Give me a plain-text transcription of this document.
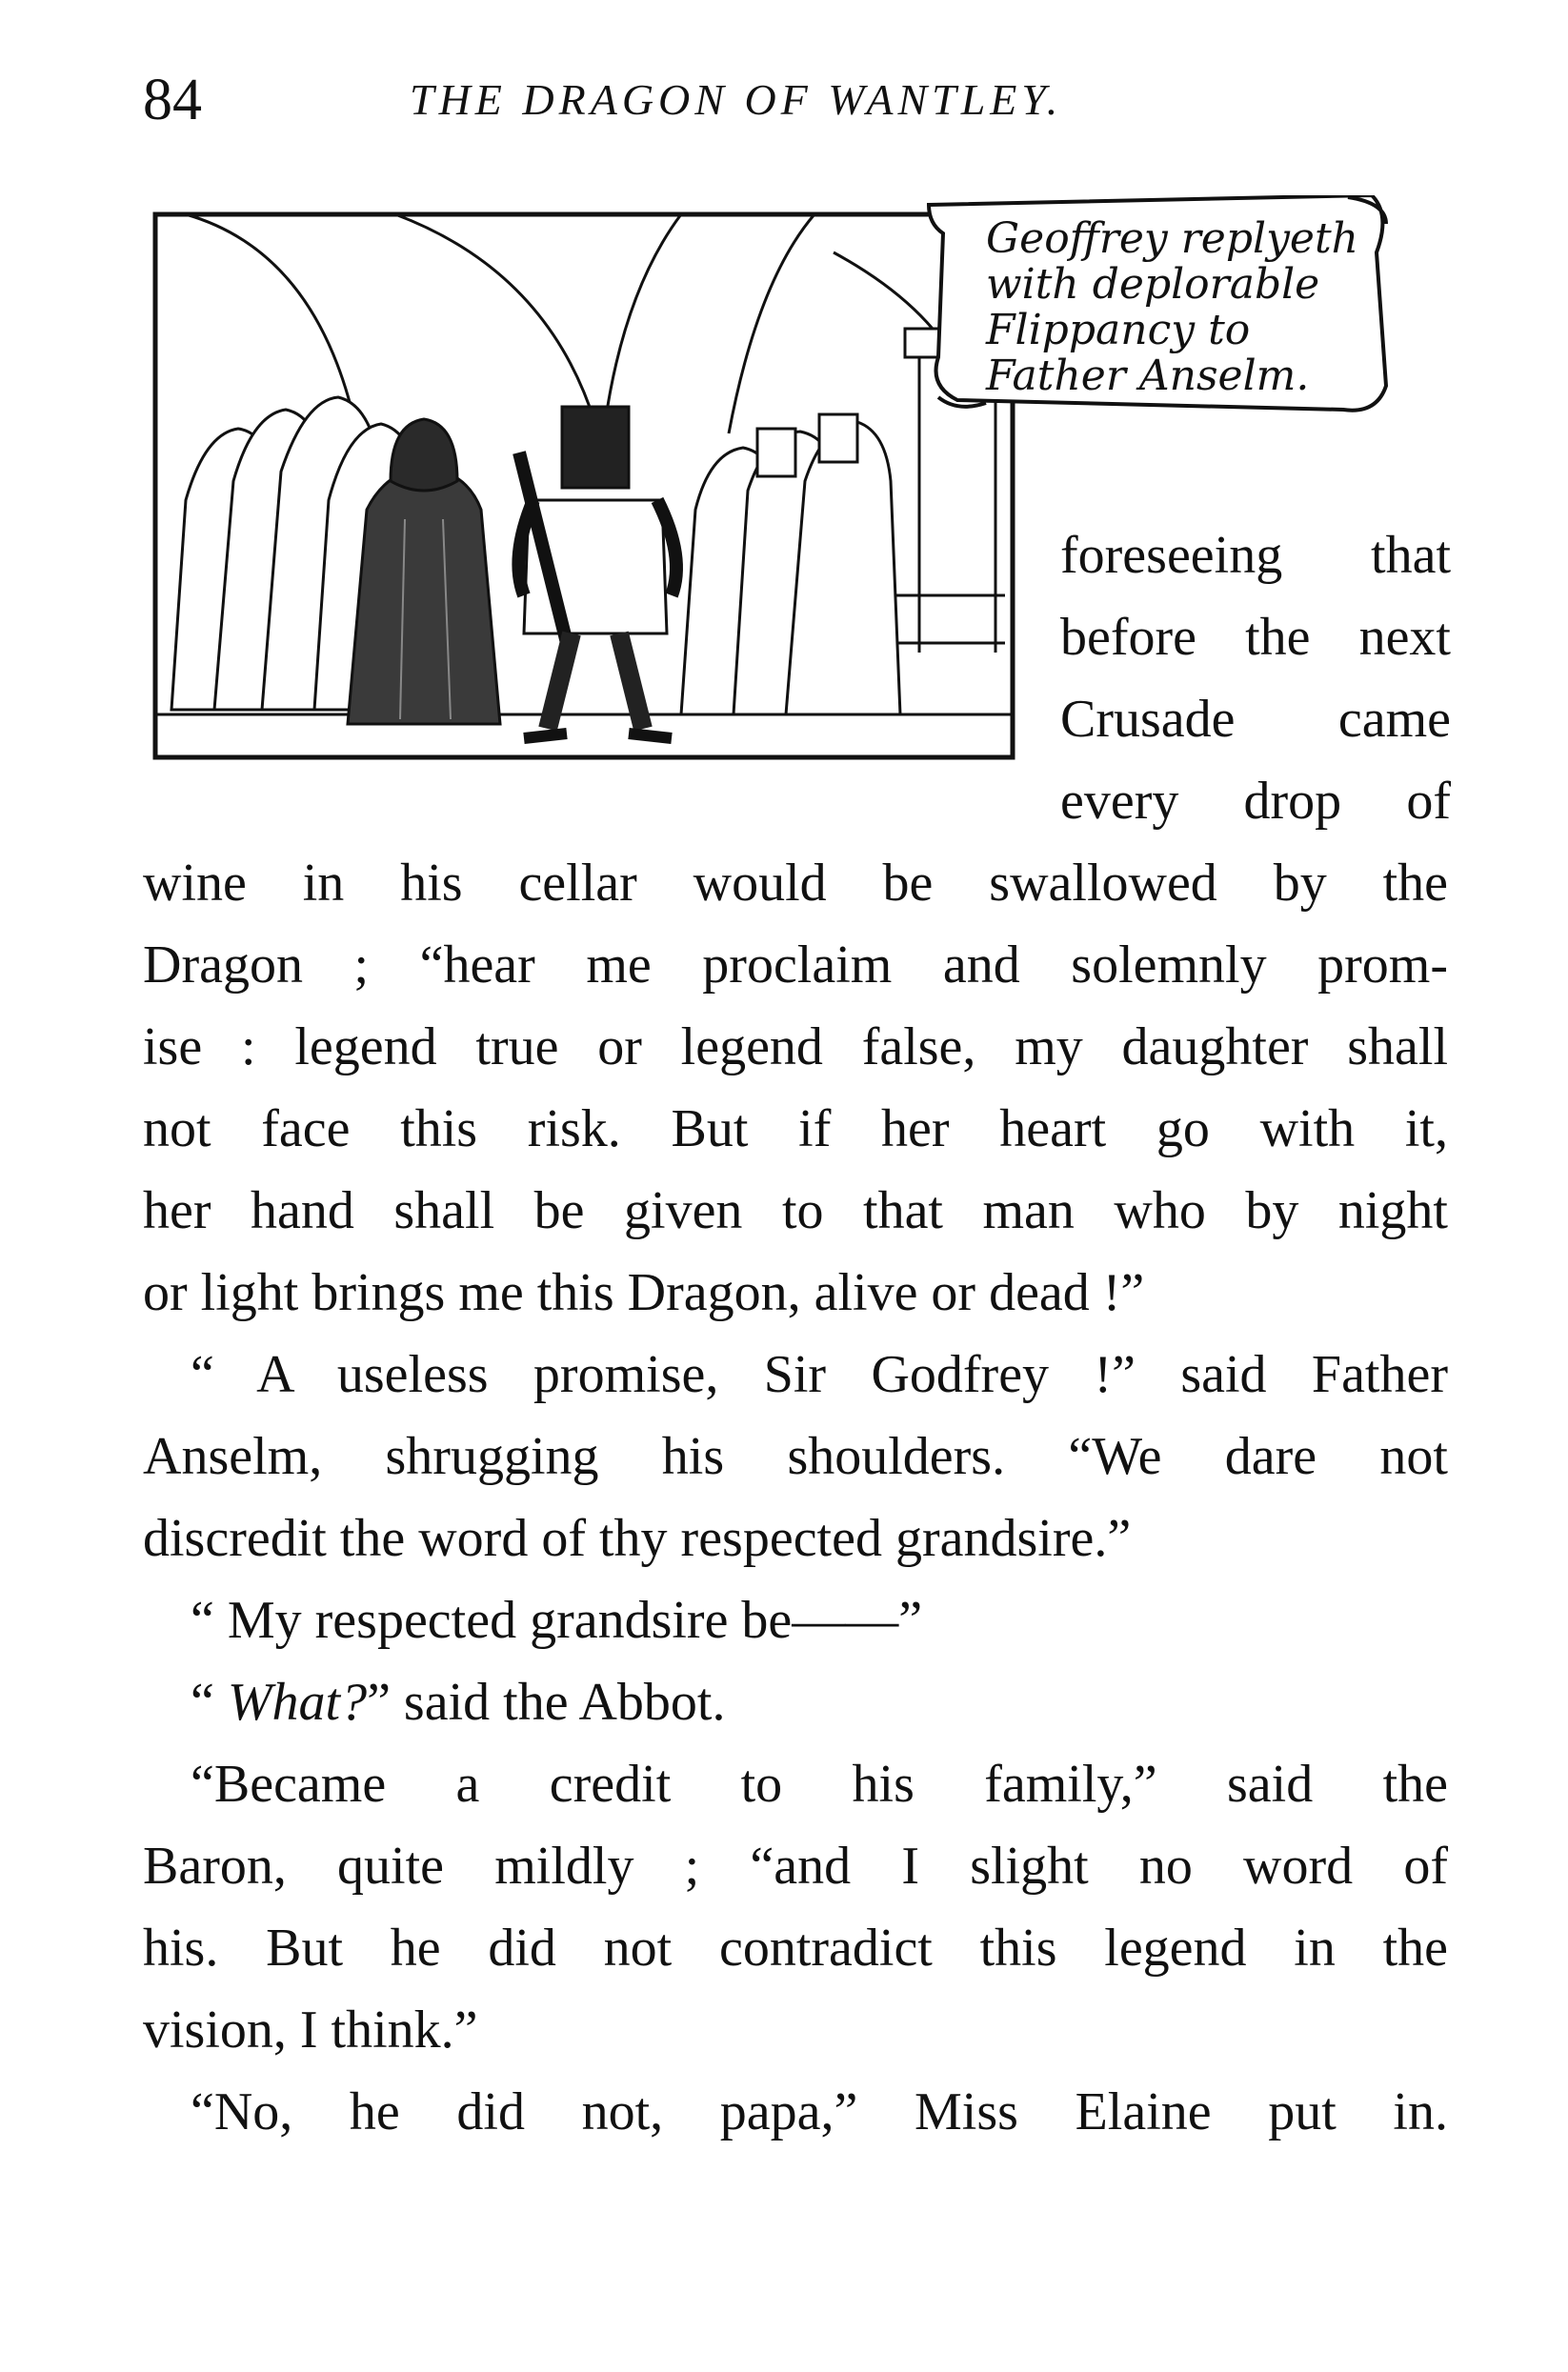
84	THE DRAGON OF WANTLEY.
Geoffrey replyeth
with deplorable
Flippancy to
Father Anselm.
foreseeing that
before the next
Crusade came
every drop of
wine in his cellar would be swallowed by the
Dragon ; “hear me proclaim and solemnly prom-
ise : legend true or legend false, my daughter shall
not face this risk. But if her heart go with it,
her hand shall be given to that man who by night
or light brings me this Dragon, alive or dead !”
“ A useless promise, Sir Godfrey !” said Father
Anselm, shrugging his shoulders. “We dare not
discredit the word of thy respected grandsire.”
“ My respected grandsire be——”
“ What?” said the Abbot.
“Became a credit to his family,” said the
Baron, quite mildly ; “and I slight no word of
his. But he did not contradict this legend in the
vision, I think.”
“No, he did not, papa,” Miss Elaine put in.
